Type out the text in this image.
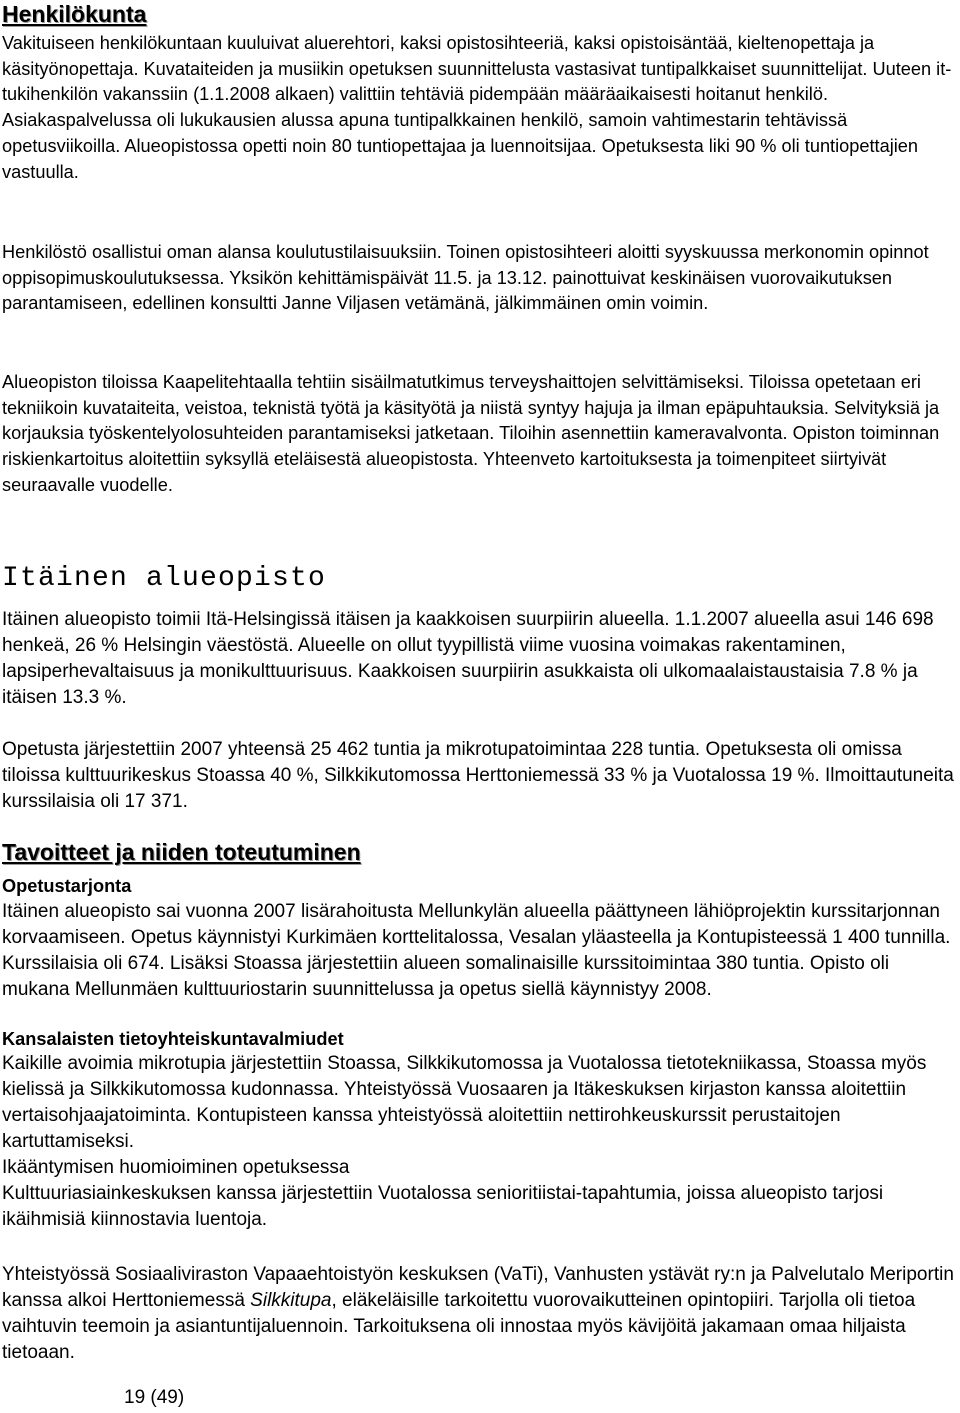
Henkilökunta

Vakituiseen henkilökuntaan kuuluivat aluerehtori, kaksi opistosihteeriä, kaksi opistoisäntää, kieltenopettaja ja käsityönopettaja. Kuvataiteiden ja musiikin opetuksen suunnittelusta vastasivat tuntipalkkaiset suunnittelijat. Uuteen it-tukihenkilön vakanssiin (1.1.2008 alkaen) valittiin tehtäviä pidempään määräaikaisesti hoitanut henkilö. Asiakaspalvelussa oli lukukausien alussa apuna tuntipalkkainen henkilö, samoin vahtimestarin tehtävissä opetusviikoilla. Alueopistossa opetti noin 80 tuntiopettajaa ja luennoitsijaa. Opetuksesta liki 90 % oli tuntiopettajien vastuulla.

Henkilöstö osallistui oman alansa koulutustilaisuuksiin. Toinen opistosihteeri aloitti syyskuussa merkonomin opinnot oppisopimuskoulutuksessa. Yksikön kehittämispäivät 11.5. ja 13.12. painottuivat keskinäisen vuorovaikutuksen parantamiseen, edellinen konsultti Janne Viljasen vetämänä, jälkimmäinen omin voimin.

Alueopiston tiloissa Kaapelitehtaalla tehtiin sisäilmatutkimus terveyshaittojen selvittämiseksi. Tiloissa opetetaan eri tekniikoin kuvataiteita, veistoa, teknistä työtä ja käsityötä ja niistä syntyy hajuja ja ilman epäpuhtauksia. Selvityksiä ja korjauksia työskentelyolosuhteiden parantamiseksi jatketaan. Tiloihin asennettiin kameravalvonta. Opiston toiminnan riskienkartoitus aloitettiin syksyllä eteläisestä alueopistosta. Yhteenveto kartoituksesta ja toimenpiteet siirtyivät seuraavalle vuodelle.

Itäinen alueopisto

Itäinen alueopisto toimii Itä-Helsingissä itäisen ja kaakkoisen suurpiirin alueella. 1.1.2007 alueella asui 146 698 henkeä, 26 % Helsingin väestöstä. Alueelle on ollut tyypillistä viime vuosina voimakas rakentaminen, lapsiperhevaltaisuus ja monikulttuurisuus. Kaakkoisen suurpiirin asukkaista oli ulkomaalaistaustaisia 7.8 % ja itäisen 13.3 %.

Opetusta järjestettiin 2007 yhteensä 25 462 tuntia ja mikrotupatoimintaa 228 tuntia. Opetuksesta oli omissa tiloissa kulttuurikeskus Stoassa 40 %, Silkkikutomossa Herttoniemessä 33 % ja Vuotalossa 19 %. Ilmoittautuneita kurssilaisia oli 17 371.

Tavoitteet ja niiden toteutuminen
Opetustarjonta

Itäinen alueopisto sai vuonna 2007 lisärahoitusta Mellunkylän alueella päättyneen lähiöprojektin kurssitarjonnan korvaamiseen. Opetus käynnistyi Kurkimäen korttelitalossa, Vesalan yläasteella ja Kontupisteessä 1 400 tunnilla. Kurssilaisia oli 674. Lisäksi Stoassa järjestettiin alueen somalinaisille kurssitoimintaa 380 tuntia. Opisto oli mukana Mellunmäen kulttuuriostarin suunnittelussa ja opetus siellä käynnistyy 2008.

Kansalaisten tietoyhteiskuntavalmiudet

Kaikille avoimia mikrotupia järjestettiin Stoassa, Silkkikutomossa ja Vuotalossa tietotekniikassa, Stoassa myös kielissä ja Silkkikutomossa kudonnassa. Yhteistyössä Vuosaaren ja Itäkeskuksen kirjaston kanssa aloitettiin vertaisohjaajatoiminta. Kontupisteen kanssa yhteistyössä aloitettiin nettirohkeuskurssit perustaitojen kartuttamiseksi.

Ikääntymisen huomioiminen opetuksessa

Kulttuuriasiainkeskuksen kanssa järjestettiin Vuotalossa senioritiistai-tapahtumia, joissa alueopisto tarjosi ikäihmisiä kiinnostavia luentoja.

Yhteistyössä Sosiaaliviraston Vapaaehtoistyön keskuksen (VaTi), Vanhusten ystävät ry:n ja Palvelutalo Meriportin kanssa alkoi Herttoniemessä Silkkitupa, eläkeläisille tarkoitettu vuorovaikutteinen opintopiiri. Tarjolla oli tietoa vaihtuvin teemoin ja asiantuntijaluennoin. Tarkoituksena oli innostaa myös kävijöitä jakamaan omaa hiljaista tietoaan.

19 (49)
